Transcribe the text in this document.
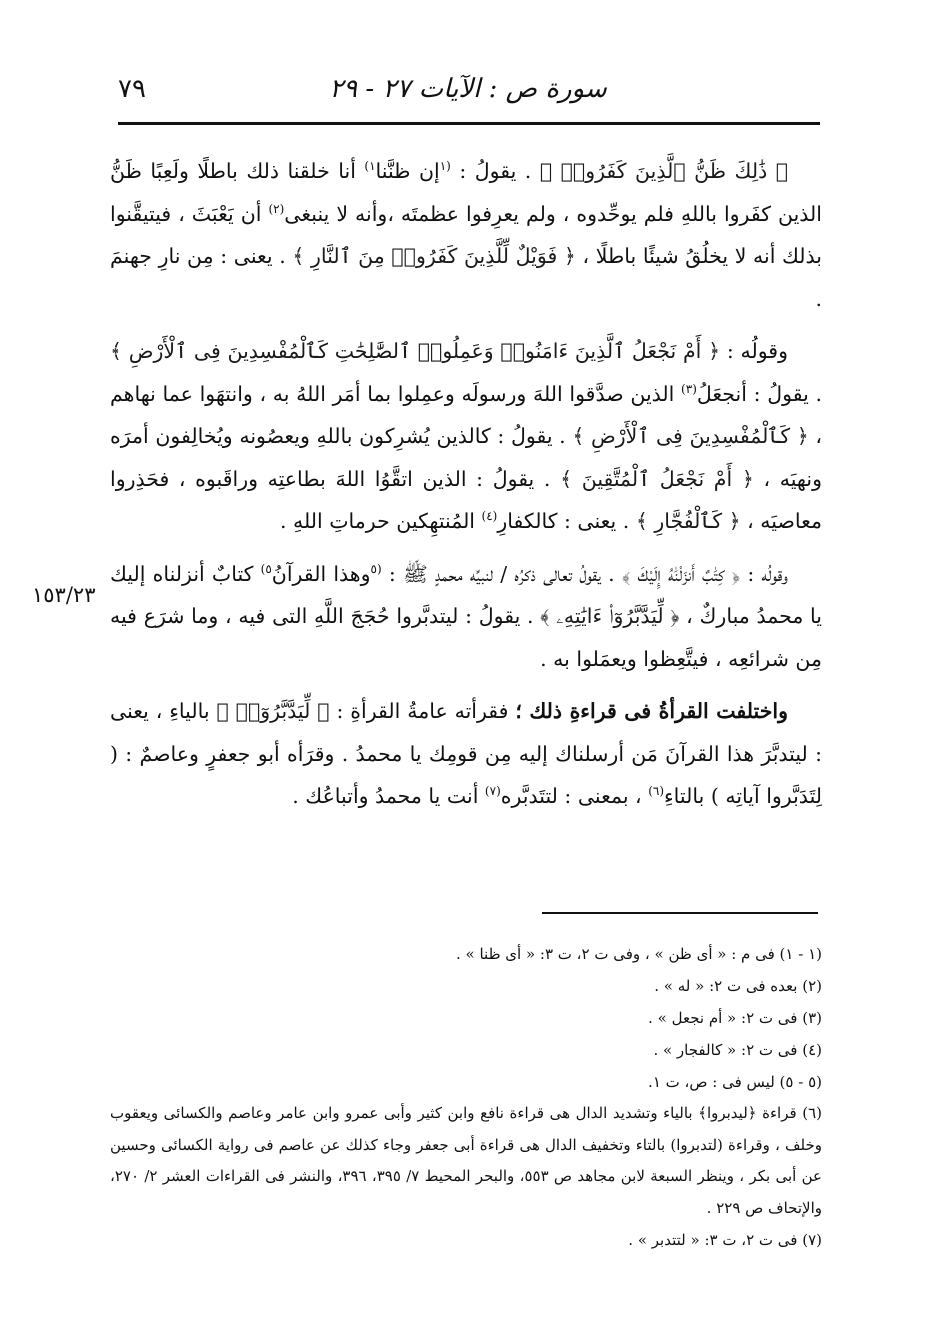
٧٩	سورة ص : الآيات ٢٧ - ٢٩
١٥٣/٢٣

﴿ ذَٰلِكَ ظَنُّ ٱلَّذِينَ كَفَرُوا۟ ﴾ . يقولُ : $^{(١}$إن ظنَّنا$^{١)}$ أنا خلقنا ذلك باطلًا ولَعِبًا ظَنُّ الذين كفَروا باللهِ فلم يوحِّدوه ، ولم يعرِفوا عظمتَه ،وأنه لا ينبغى$^{(٢)}$ أن يَعْبَثَ ، فيتيقَّنوا بذلك أنه لا يخلُقُ شيئًا باطلًا ، ﴿ فَوَيْلٌ لِّلَّذِينَ كَفَرُوا۟ مِنَ ٱلنَّارِ ﴾ . يعنى : مِن نارِ جهنمَ .

وقولُه : ﴿ أَمْ نَجْعَلُ ٱلَّذِينَ ءَامَنُوا۟ وَعَمِلُوا۟ ٱلصَّٰلِحَٰتِ كَٱلْمُفْسِدِينَ فِى ٱلْأَرْضِ ﴾ . يقولُ : أنجعَلُ$^{(٣)}$ الذين صدَّقوا اللهَ ورسولَه وعمِلوا بما أمَر اللهُ به ، وانتهَوا عما نهاهم ، ﴿ كَٱلْمُفْسِدِينَ فِى ٱلْأَرْضِ ﴾ . يقولُ : كالذين يُشرِكون باللهِ ويعصُونه ويُخالِفون أمرَه ونهيَه ، ﴿ أَمْ نَجْعَلُ ٱلْمُتَّقِينَ ﴾ . يقولُ : الذين اتقَّوُا اللهَ بطاعتِه وراقَبوه ، فحَذِروا معاصيَه ، ﴿ كَٱلْفُجَّارِ ﴾ . يعنى : كالكفارِ$^{(٤)}$ المُنتهِكين حرماتِ اللهِ .

وقولُه : ﴿ كِتَٰبٌ أَنزَلْنَٰهُ إِلَيْكَ ﴾ . يقولُ تعالى ذكرُه / لنبيِّه محمدٍ ﷺ : $^{(٥}$وهذا القرآنُ$^{٥)}$ كتابٌ أنزلناه إليك يا محمدُ مباركٌ ، ﴿ لِّيَدَّبَّرُوٓا۟ ءَايَٰتِهِۦ ﴾ . يقولُ : ليتدبَّروا حُجَجَ اللَّهِ التى فيه ، وما شرَع فيه مِن شرائعِه ، فيتَّعِظوا ويعمَلوا به .

واختلفت القرأةُ فى قراءةِ ذلك ؛ فقرأته عامةُ القرأةِ : ﴿ لِّيَدَّبَّرُوٓا۟ ﴾ بالياءِ ، يعنى : ليتدبَّرَ هذا القرآنَ مَن أرسلناك إليه مِن قومِك يا محمدُ . وقرَأه أبو جعفرٍ وعاصمٌ : ( لِتَدَبَّروا آياتِه ) بالتاءِ$^{(٦)}$ ، بمعنى : لتتَدبَّره$^{(٧)}$ أنت يا محمدُ وأتباعُك .

(١ - ١) فى م : « أى ظن » ، وفى ت ٢، ت ٣: « أى ظنا » .

(٢) بعده فى ت ٢: « له » .

(٣) فى ت ٢: « أم نجعل » .

(٤) فى ت ٢: « كالفجار » .

(٥ - ٥) ليس فى : ص، ت ١.

(٦) قراءة ﴿ليدبروا﴾ بالياء وتشديد الدال هى قراءة نافع وابن كثير وأبى عمرو وابن عامر وعاصم والكسائى ويعقوب وخلف ، وقراءة (لتدبروا) بالتاء وتخفيف الدال هى قراءة أبى جعفر وجاء كذلك عن عاصم فى رواية الكسائى وحسين عن أبى بكر ، وينظر السبعة لابن مجاهد ص ٥٥٣، والبحر المحيط ٧/ ٣٩٥، ٣٩٦، والنشر فى القراءات العشر ٢/ ٢٧٠، والإتحاف ص ٢٢٩ .

(٧) فى ت ٢، ت ٣: « لتتدبر » .
